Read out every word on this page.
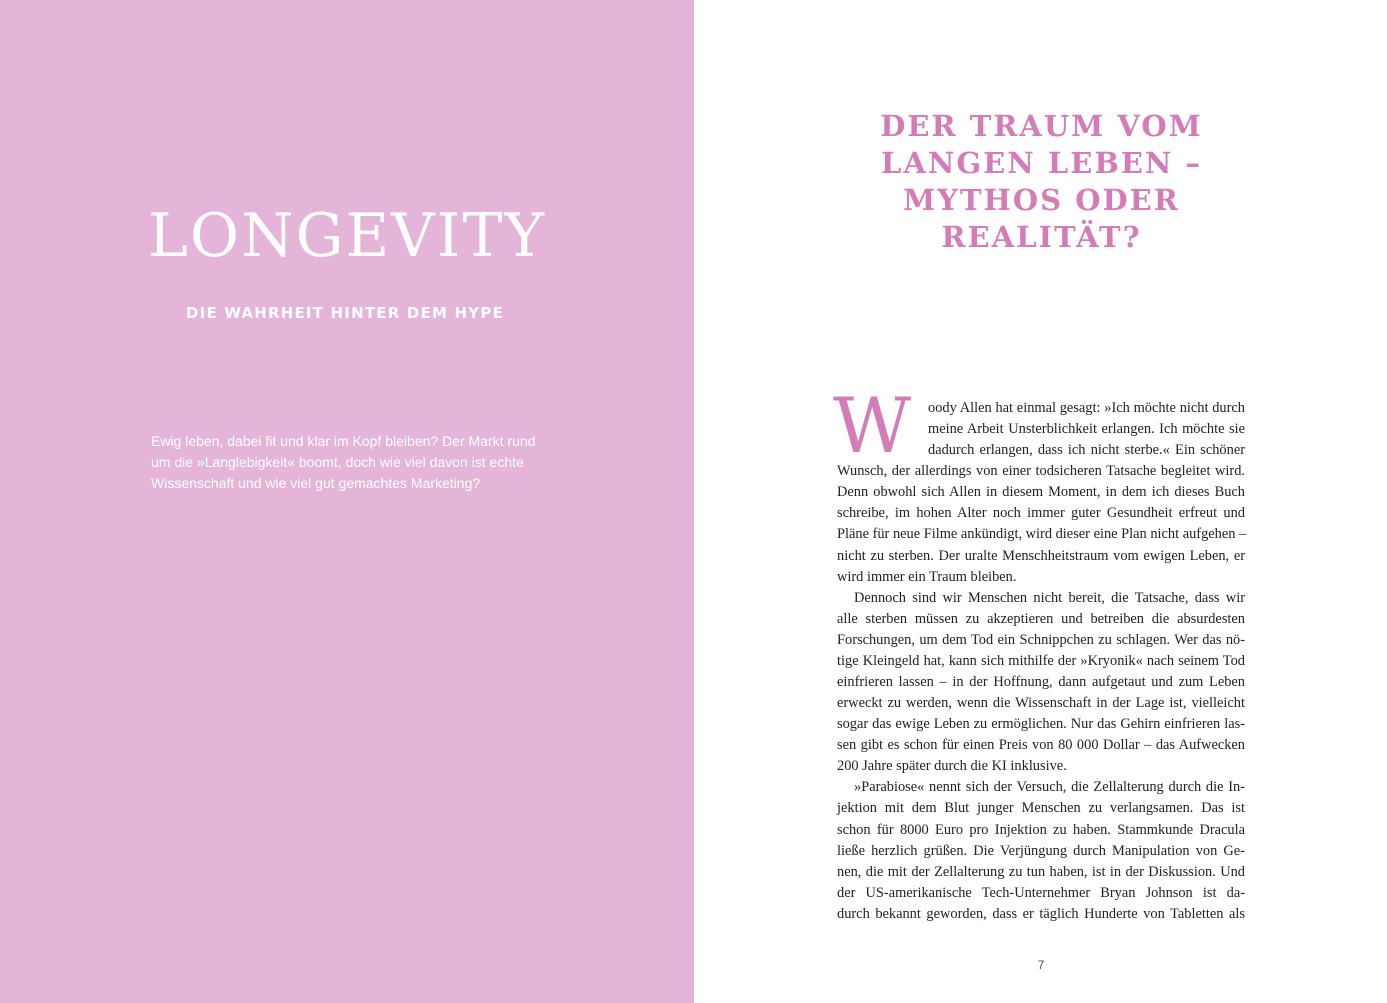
LONGEVITY
DIE WAHRHEIT HINTER DEM HYPE

Ewig leben, dabei fit und klar im Kopf bleiben? Der Markt rund
um die »Langlebigkeit« boomt, doch wie viel davon ist echte
Wissenschaft und wie viel gut gemachtes Marketing?

DER TRAUM VOM
LANGEN LEBEN –
MYTHOS ODER
REALITÄT?
W	oody Allen hat einmal gesagt: »Ich möchte nicht durch
meine Arbeit Unsterblichkeit erlangen. Ich möchte sie
dadurch erlangen, dass ich nicht sterbe.« Ein schöner
Wunsch, der allerdings von einer todsicheren Tatsache begleitet wird.
Denn obwohl sich Allen in diesem Moment, in dem ich dieses Buch
schreibe, im hohen Alter noch immer guter Gesundheit erfreut und
Pläne für neue Filme ankündigt, wird dieser eine Plan nicht aufgehen –
nicht zu sterben. Der uralte Menschheitstraum vom ewigen Leben, er
wird immer ein Traum bleiben.

Dennoch sind wir Menschen nicht bereit, die Tatsache, dass wir
alle sterben müssen zu akzeptieren und betreiben die absurdesten
Forschungen, um dem Tod ein Schnippchen zu schlagen. Wer das nö-
tige Kleingeld hat, kann sich mithilfe der »Kryonik« nach seinem Tod
einfrieren lassen – in der Hoffnung, dann aufgetaut und zum Leben
erweckt zu werden, wenn die Wissenschaft in der Lage ist, vielleicht
sogar das ewige Leben zu ermöglichen. Nur das Gehirn einfrieren las-
sen gibt es schon für einen Preis von 80 000 Dollar – das Aufwecken
200 Jahre später durch die KI inklusive.

»Parabiose« nennt sich der Versuch, die Zellalterung durch die In-
jektion mit dem Blut junger Menschen zu verlangsamen. Das ist
schon für 8000 Euro pro Injektion zu haben. Stammkunde Dracula
ließe herzlich grüßen. Die Verjüngung durch Manipulation von Ge-
nen, die mit der Zellalterung zu tun haben, ist in der Diskussion. Und
der US-amerikanische Tech-Unternehmer Bryan Johnson ist da-
durch bekannt geworden, dass er täglich Hunderte von Tabletten als

7
